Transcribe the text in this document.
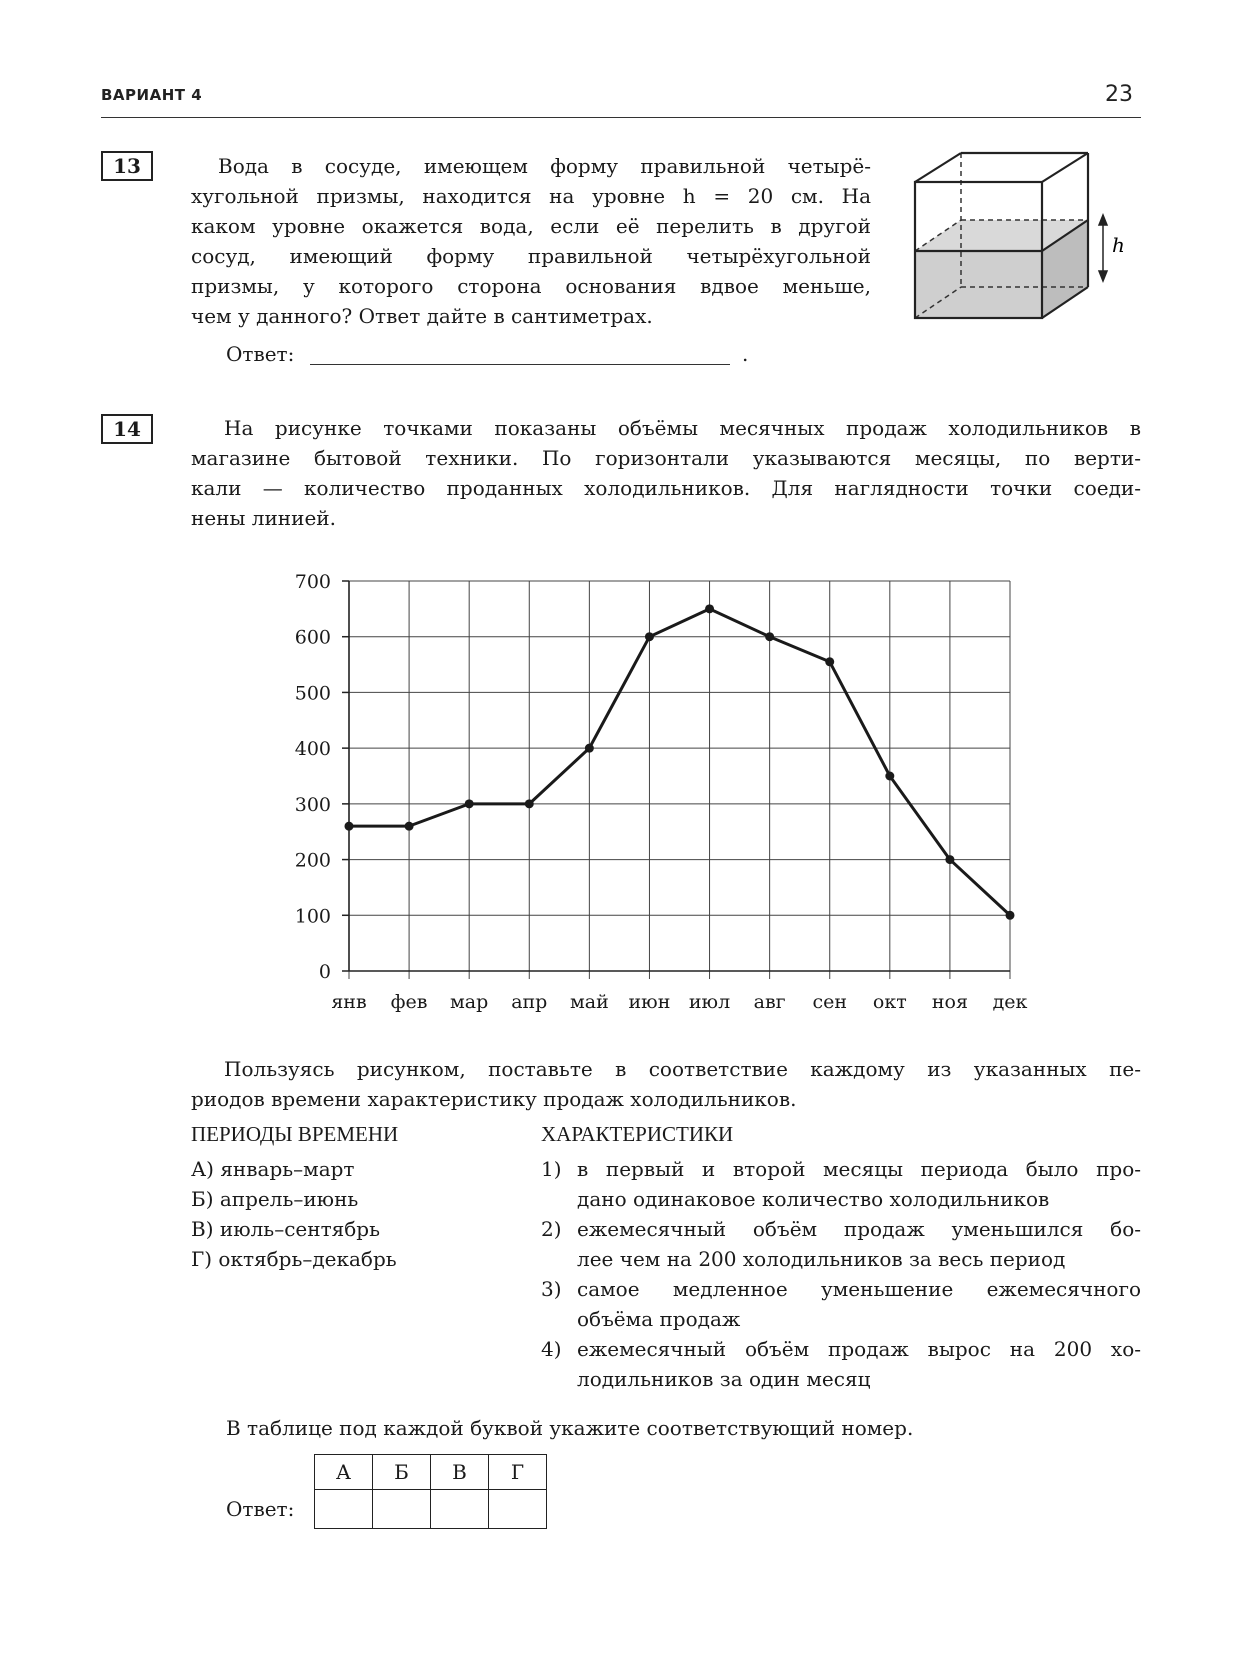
ВАРИАНТ 4	23
13	Вода в сосуде, имеющем форму правильной четырё-
хугольной призмы, находится на уровне h = 20 см. На
каком уровне окажется вода, если её перелить в другой
сосуд, имеющий форму правильной четырёхугольной
призмы, у которого сторона основания вдвое меньше,
чем у данного? Ответ дайте в сантиметрах.
h
Ответ:	.
14	На рисунке точками показаны объёмы месячных продаж холодильников в
магазине бытовой техники. По горизонтали указываются месяцы, по верти-
кали — количество проданных холодильников. Для наглядности точки соеди-
нены линией.
0
100
200
300
400
500
600
700
янв фев мар апр май июн июл авг сен окт ноя дек
Пользуясь рисунком, поставьте в соответствие каждому из указанных пе-
риодов времени характеристику продаж холодильников.
ПЕРИОДЫ ВРЕМЕНИ	ХАРАКТЕРИСТИКИ
А) январь–март
Б) апрель–июнь
В) июль–сентябрь
Г) октябрь–декабрь
1) в первый и второй месяцы периода было про-
дано одинаковое количество холодильников
2) ежемесячный объём продаж уменьшился бо-
лее чем на 200 холодильников за весь период
3) самое медленное уменьшение ежемесячного
объёма продаж
4) ежемесячный объём продаж вырос на 200 хо-
лодильников за один месяц
В таблице под каждой буквой укажите соответствующий номер.
Ответ:
А	Б	В	Г
